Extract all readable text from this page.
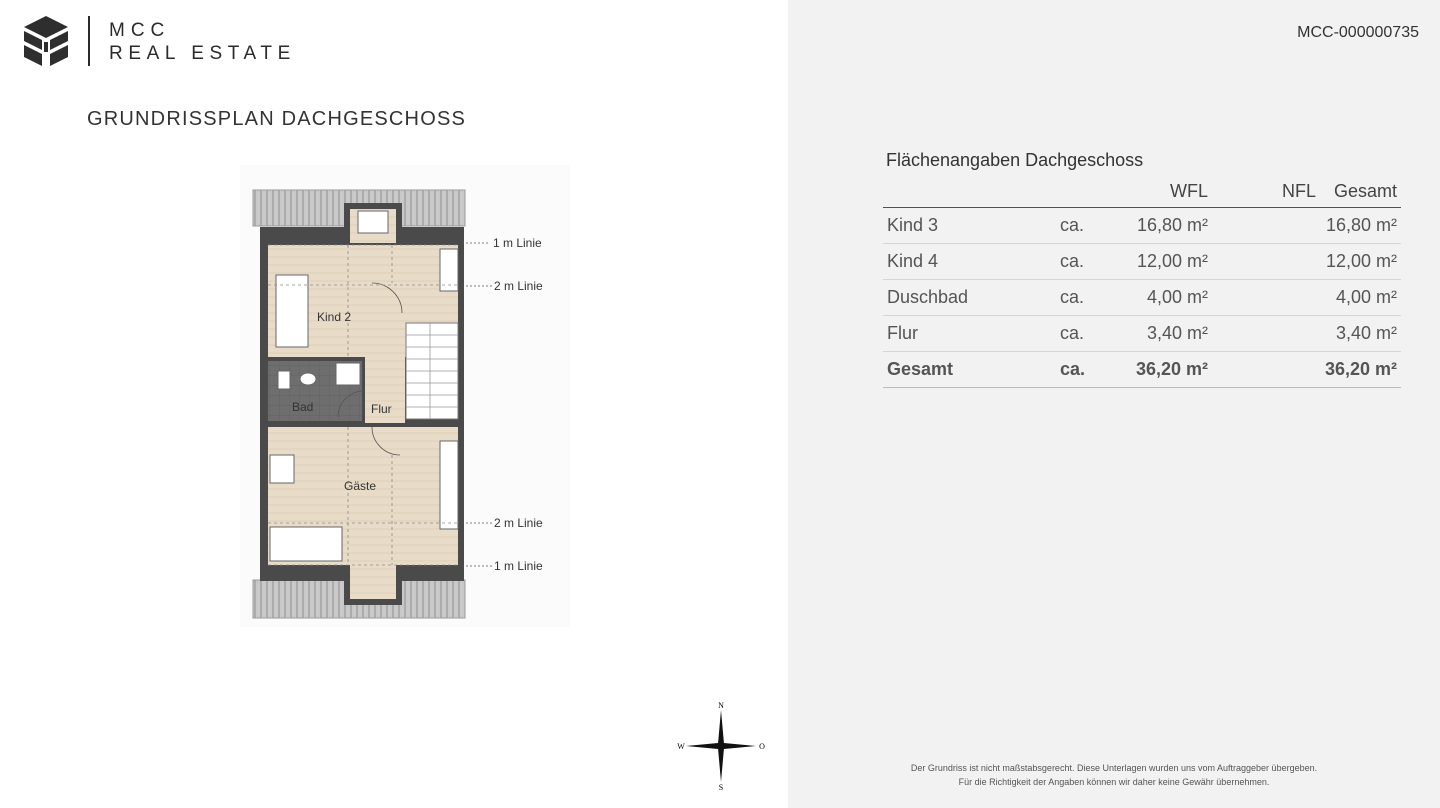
MCC
REAL ESTATE
GRUNDRISSPLAN DACHGESCHOSS
Kind 2
Bad	Flur
Gäste
1 m Linie
2 m Linie
2 m Linie
1 m Linie
N
S
W	O
MCC-000000735
Flächenangaben Dachgeschoss
		WFL	NFL	Gesamt
Kind 3	ca.	16,80 m²		16,80 m²
Kind 4	ca.	12,00 m²		12,00 m²
Duschbad	ca.	4,00 m²		4,00 m²
Flur	ca.	3,40 m²		3,40 m²
Gesamt	ca.	36,20 m²		36,20 m²
Der Grundriss ist nicht maßstabsgerecht. Diese Unterlagen wurden uns vom Auftraggeber übergeben.
Für die Richtigkeit der Angaben können wir daher keine Gewähr übernehmen.
